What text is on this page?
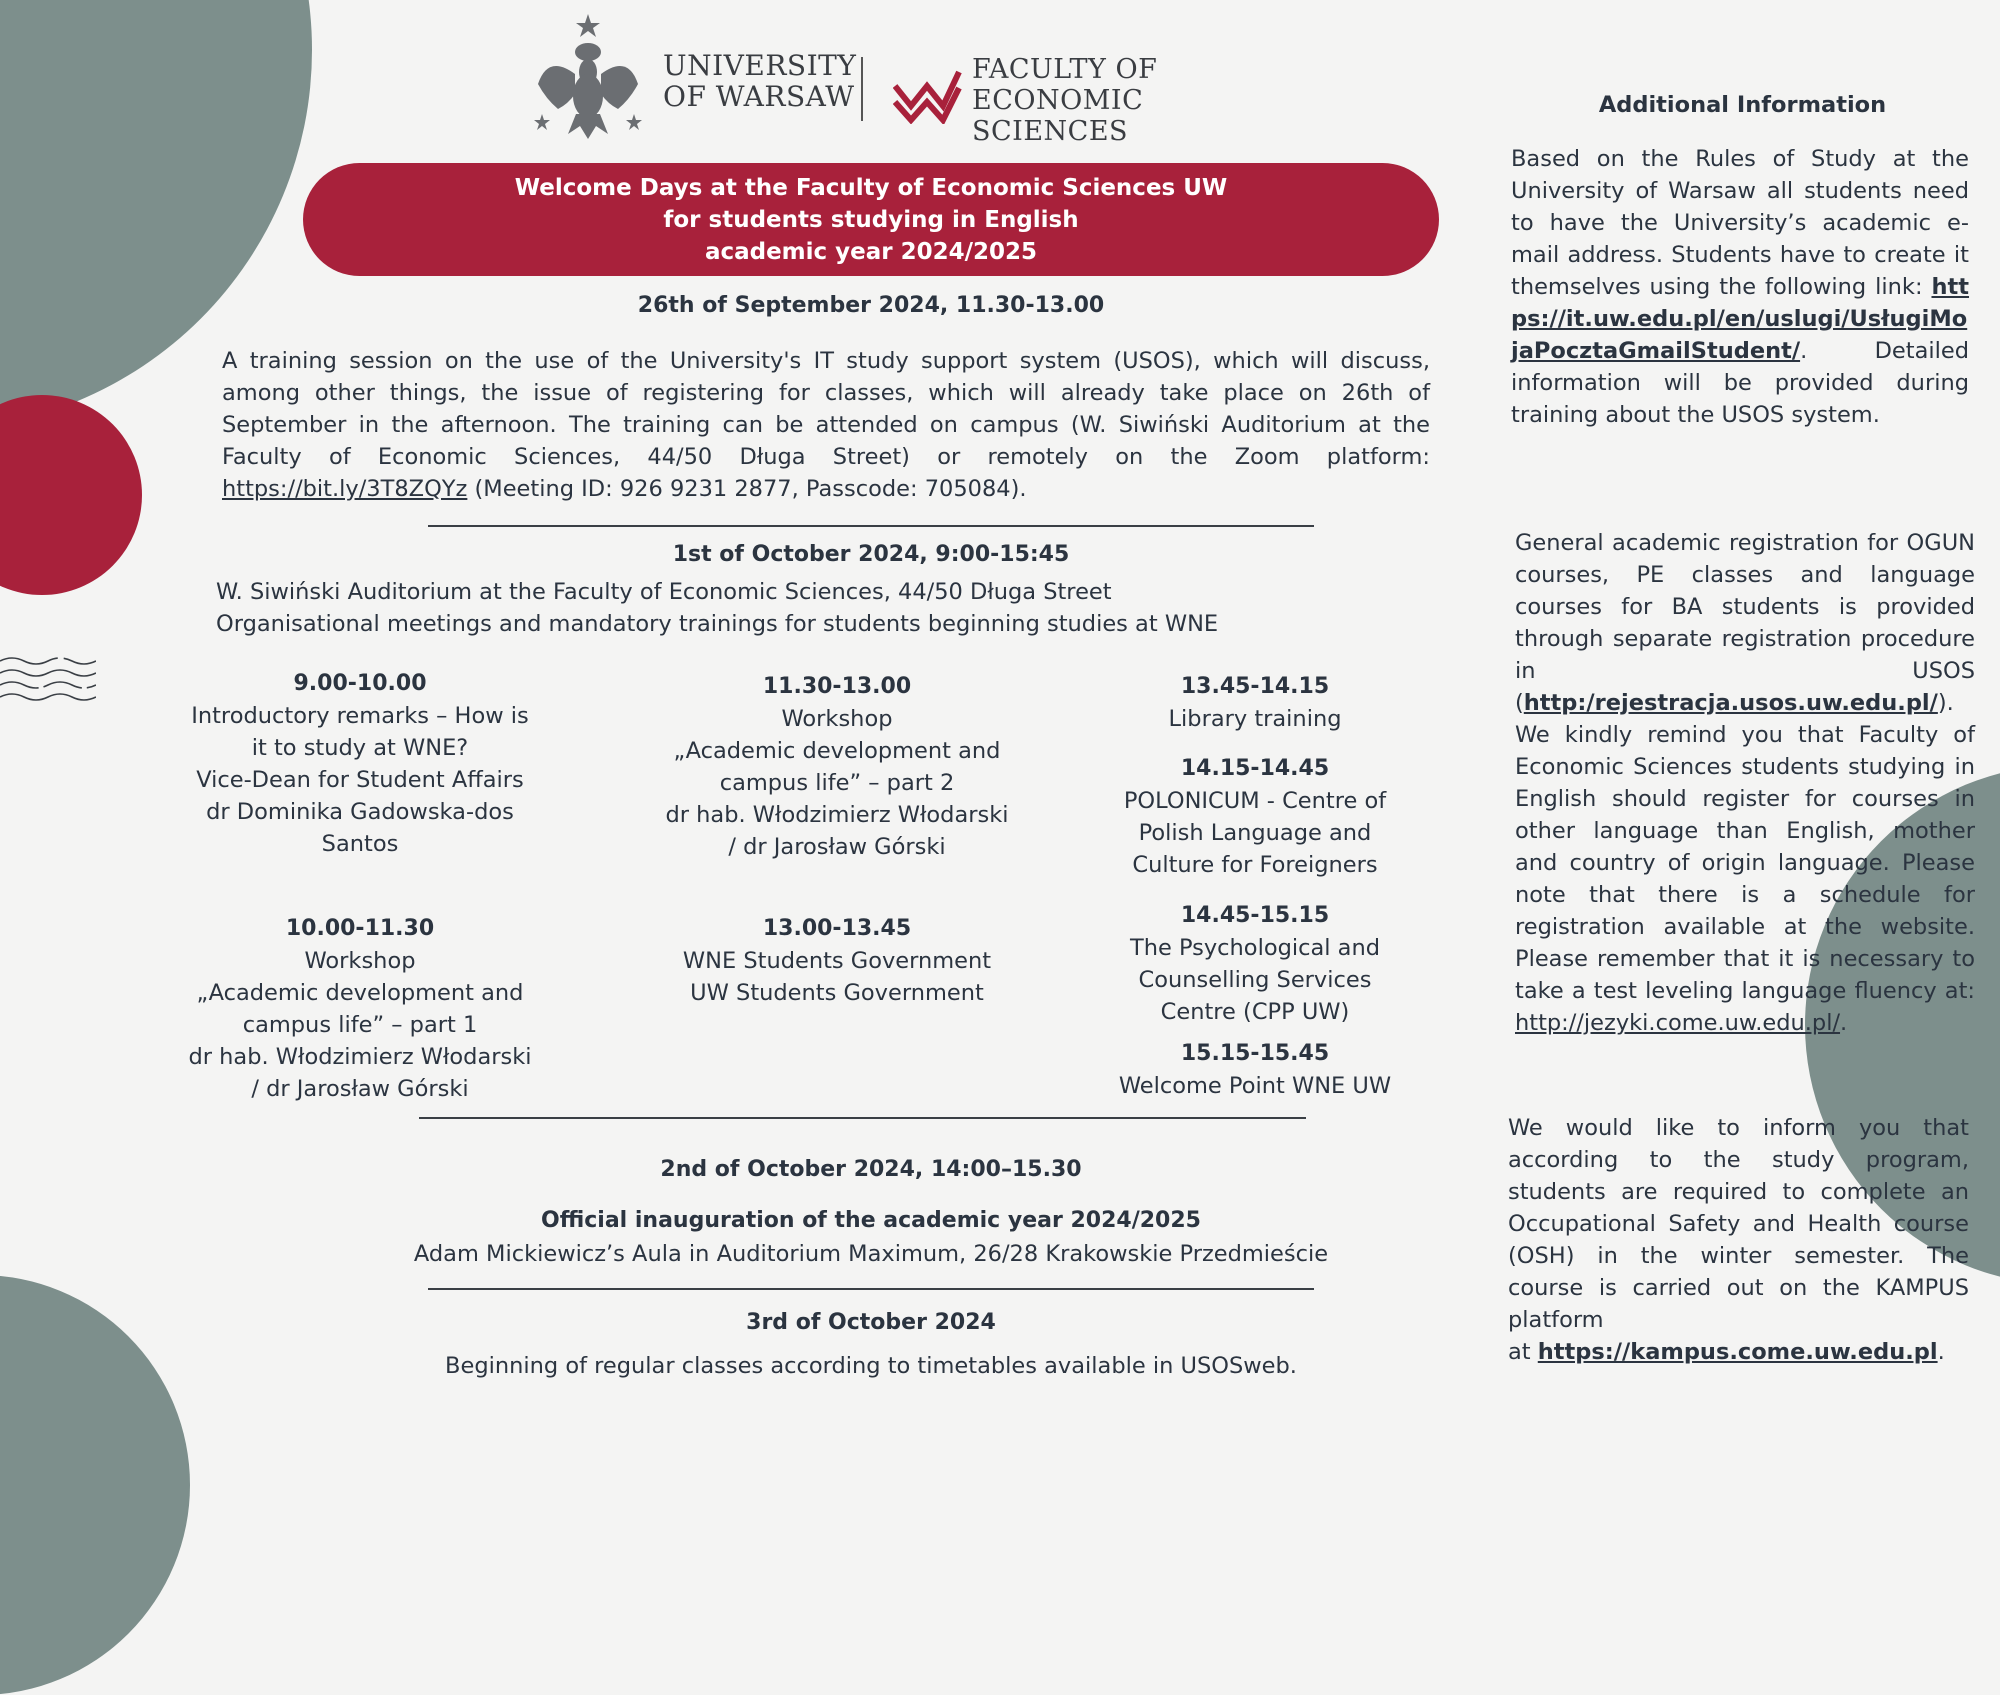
UNIVERSITY
OF WARSAW
FACULTY OF
ECONOMIC SCIENCES
Welcome Days at the Faculty of Economic Sciences UW
for students studying in English
academic year 2024/2025
26th of September 2024, 11.30-13.00
A training session on the use of the University's IT study support system (USOS), which will discuss, among other things, the issue of registering for classes, which will already take place on 26th of September in the afternoon. The training can be attended on campus (W. Siwiński Auditorium at the Faculty of Economic Sciences, 44/50 Długa Street) or remotely on the Zoom platform: https://bit.ly/3T8ZQYz (Meeting ID: 926 9231 2877, Passcode: 705084).
1st of October 2024, 9:00-15:45
W. Siwiński Auditorium at the Faculty of Economic Sciences, 44/50 Długa Street
Organisational meetings and mandatory trainings for students beginning studies at WNE
9.00-10.00
Introductory remarks – How is
it to study at WNE?
Vice-Dean for Student Affairs
dr Dominika Gadowska-dos
Santos
10.00-11.30
Workshop
„Academic development and
campus life” – part 1
dr hab. Włodzimierz Włodarski
/ dr Jarosław Górski
11.30-13.00
Workshop
„Academic development and
campus life” – part 2
dr hab. Włodzimierz Włodarski
/ dr Jarosław Górski
13.00-13.45
WNE Students Government
UW Students Government
13.45-14.15
Library training
14.15-14.45
POLONICUM - Centre of
Polish Language and
Culture for Foreigners
14.45-15.15
The Psychological and
Counselling Services
Centre (CPP UW)
15.15-15.45
Welcome Point WNE UW
2nd of October 2024, 14:00–15.30
Official inauguration of the academic year 2024/2025
Adam Mickiewicz’s Aula in Auditorium Maximum, 26/28 Krakowskie Przedmieście
3rd of October 2024
Beginning of regular classes according to timetables available in USOSweb.
Additional Information
Based on the Rules of Study at the University of Warsaw all students need to have the University’s academic e-mail address. Students have to create it themselves using the following link: https://it.uw.edu.pl/en/uslugi/UsługiMojaPocztaGmailStudent/. Detailed information will be provided during training about the USOS system.
General academic registration for OGUN courses, PE classes and language courses for BA students is provided through separate registration procedure in USOS (http:/rejestracja.usos.uw.edu.pl/). We kindly remind you that Faculty of Economic Sciences students studying in English should register for courses in other language than English, mother and country of origin language. Please note that there is a schedule for registration available at the website. Please remember that it is necessary to take a test leveling language fluency at: http://jezyki.come.uw.edu.pl/.
We would like to inform you that according to the study program, students are required to complete an Occupational Safety and Health course (OSH) in the winter semester. The course is carried out on the KAMPUS platform
at https://kampus.come.uw.edu.pl.
